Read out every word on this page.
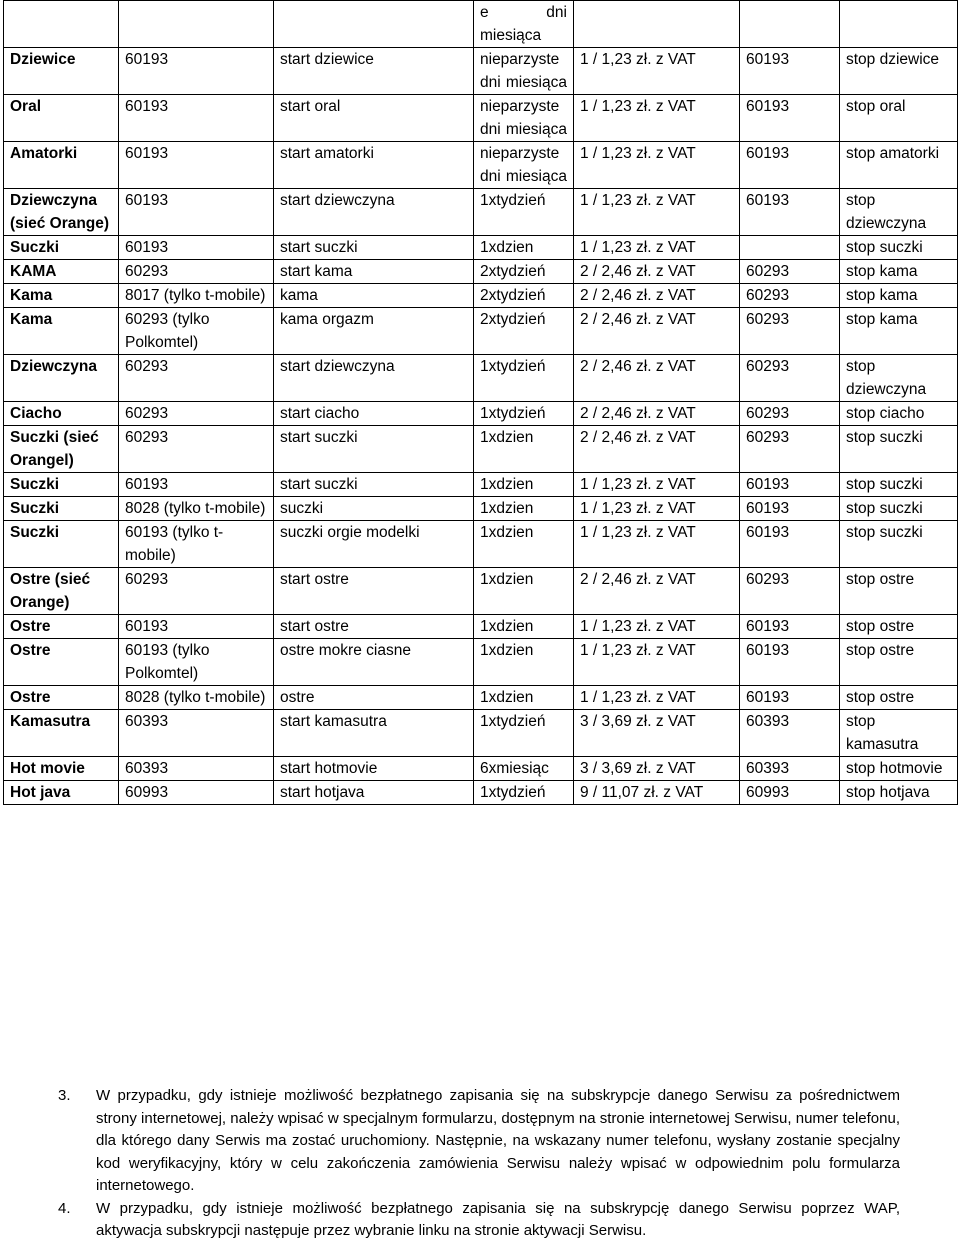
			e dni miesiąca			
Dziewice	60193	start dziewice	nieparzyste dni miesiąca	1 / 1,23 zł. z VAT	60193	stop dziewice
Oral	60193	start oral	nieparzyste dni miesiąca	1 / 1,23 zł. z VAT	60193	stop oral
Amatorki	60193	start amatorki	nieparzyste dni miesiąca	1 / 1,23 zł. z VAT	60193	stop amatorki
Dziewczyna (sieć Orange)	60193	start dziewczyna	1xtydzień	1 / 1,23 zł. z VAT	60193	stop dziewczyna
Suczki	60193	start suczki	1xdzien	1 / 1,23 zł. z VAT		stop suczki
KAMA	60293	start kama	2xtydzień	2 / 2,46 zł. z VAT	60293	stop kama
Kama	8017 (tylko t-mobile)	kama	2xtydzień	2 / 2,46 zł. z VAT	60293	stop kama
Kama	60293 (tylko Polkomtel)	kama orgazm	2xtydzień	2 / 2,46 zł. z VAT	60293	stop kama
Dziewczyna	60293	start dziewczyna	1xtydzień	2 / 2,46 zł. z VAT	60293	stop dziewczyna
Ciacho	60293	start ciacho	1xtydzień	2 / 2,46 zł. z VAT	60293	stop ciacho
Suczki (sieć Orangel)	60293	start suczki	1xdzien	2 / 2,46 zł. z VAT	60293	stop suczki
Suczki	60193	start suczki	1xdzien	1 / 1,23 zł. z VAT	60193	stop suczki
Suczki	8028 (tylko t-mobile)	suczki	1xdzien	1 / 1,23 zł. z VAT	60193	stop suczki
Suczki	60193 (tylko t-mobile)	suczki orgie modelki	1xdzien	1 / 1,23 zł. z VAT	60193	stop suczki
Ostre (sieć Orange)	60293	start ostre	1xdzien	2 / 2,46 zł. z VAT	60293	stop ostre
Ostre	60193	start ostre	1xdzien	1 / 1,23 zł. z VAT	60193	stop ostre
Ostre	60193 (tylko Polkomtel)	ostre mokre ciasne	1xdzien	1 / 1,23 zł. z VAT	60193	stop ostre
Ostre	8028 (tylko t-mobile)	ostre	1xdzien	1 / 1,23 zł. z VAT	60193	stop ostre
Kamasutra	60393	start kamasutra	1xtydzień	3 / 3,69 zł. z VAT	60393	stop kamasutra
Hot movie	60393	start hotmovie	6xmiesiąc	3 / 3,69 zł. z VAT	60393	stop hotmovie
Hot java	60993	start hotjava	1xtydzień	9 / 11,07 zł. z VAT	60993	stop hotjava
3.	W przypadku, gdy istnieje możliwość bezpłatnego zapisania się na subskrypcje danego Serwisu za pośrednictwem strony internetowej, należy wpisać w specjalnym formularzu, dostępnym na stronie internetowej Serwisu, numer telefonu, dla którego dany Serwis ma zostać uruchomiony. Następnie, na wskazany numer telefonu, wysłany zostanie specjalny kod weryfikacyjny, który w celu zakończenia zamówienia Serwisu należy wpisać w odpowiednim polu formularza internetowego.
4.	W przypadku, gdy istnieje możliwość bezpłatnego zapisania się na subskrypcję danego Serwisu poprzez WAP, aktywacja subskrypcji następuje przez wybranie linku na stronie aktywacji Serwisu.
